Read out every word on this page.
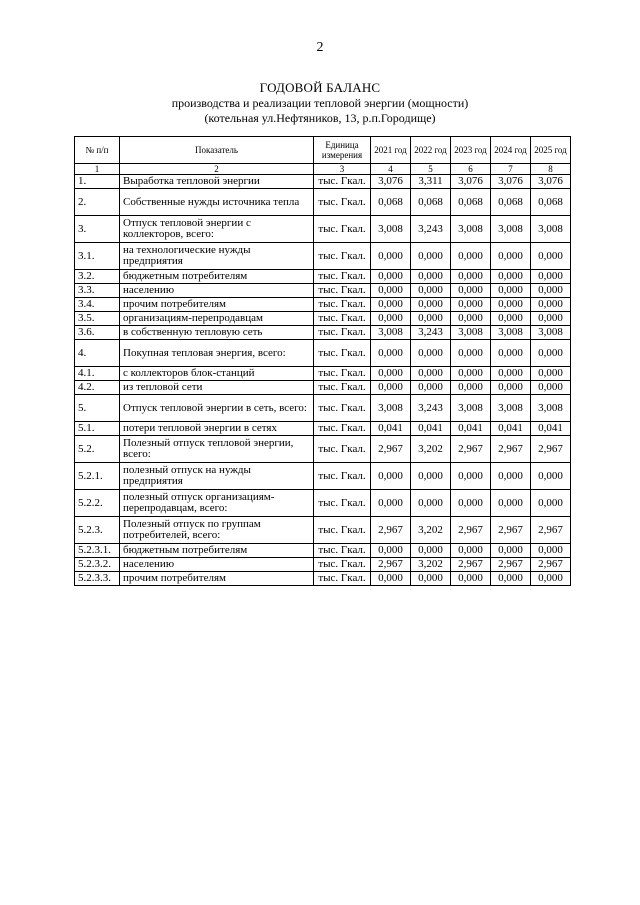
2
ГОДОВОЙ БАЛАНС
производства и реализации тепловой энергии (мощности)
(котельная ул.Нефтяников, 13, р.п.Городище)
№ п/п	Показатель	Единица измерения	2021 год	2022 год	2023 год	2024 год	2025 год
1	2	3	4	5	6	7	8
1.	Выработка тепловой энергии	тыс. Гкал.	3,076	3,311	3,076	3,076	3,076
2.	Собственные нужды источника тепла	тыс. Гкал.	0,068	0,068	0,068	0,068	0,068
3.	Отпуск тепловой энергии с коллекторов, всего:	тыс. Гкал.	3,008	3,243	3,008	3,008	3,008
3.1.	на технологические нужды предприятия	тыс. Гкал.	0,000	0,000	0,000	0,000	0,000
3.2.	бюджетным потребителям	тыс. Гкал.	0,000	0,000	0,000	0,000	0,000
3.3.	населению	тыс. Гкал.	0,000	0,000	0,000	0,000	0,000
3.4.	прочим потребителям	тыс. Гкал.	0,000	0,000	0,000	0,000	0,000
3.5.	организациям-перепродавцам	тыс. Гкал.	0,000	0,000	0,000	0,000	0,000
3.6.	в собственную тепловую сеть	тыс. Гкал.	3,008	3,243	3,008	3,008	3,008
4.	Покупная тепловая энергия, всего:	тыс. Гкал.	0,000	0,000	0,000	0,000	0,000
4.1.	с коллекторов блок-станций	тыс. Гкал.	0,000	0,000	0,000	0,000	0,000
4.2.	из тепловой сети	тыс. Гкал.	0,000	0,000	0,000	0,000	0,000
5.	Отпуск тепловой энергии в сеть, всего:	тыс. Гкал.	3,008	3,243	3,008	3,008	3,008
5.1.	потери тепловой энергии в сетях	тыс. Гкал.	0,041	0,041	0,041	0,041	0,041
5.2.	Полезный отпуск тепловой энергии, всего:	тыс. Гкал.	2,967	3,202	2,967	2,967	2,967
5.2.1.	полезный отпуск на нужды предприятия	тыс. Гкал.	0,000	0,000	0,000	0,000	0,000
5.2.2.	полезный отпуск организациям-перепродавцам, всего:	тыс. Гкал.	0,000	0,000	0,000	0,000	0,000
5.2.3.	Полезный отпуск по группам потребителей, всего:	тыс. Гкал.	2,967	3,202	2,967	2,967	2,967
5.2.3.1.	бюджетным потребителям	тыс. Гкал.	0,000	0,000	0,000	0,000	0,000
5.2.3.2.	населению	тыс. Гкал.	2,967	3,202	2,967	2,967	2,967
5.2.3.3.	прочим потребителям	тыс. Гкал.	0,000	0,000	0,000	0,000	0,000
